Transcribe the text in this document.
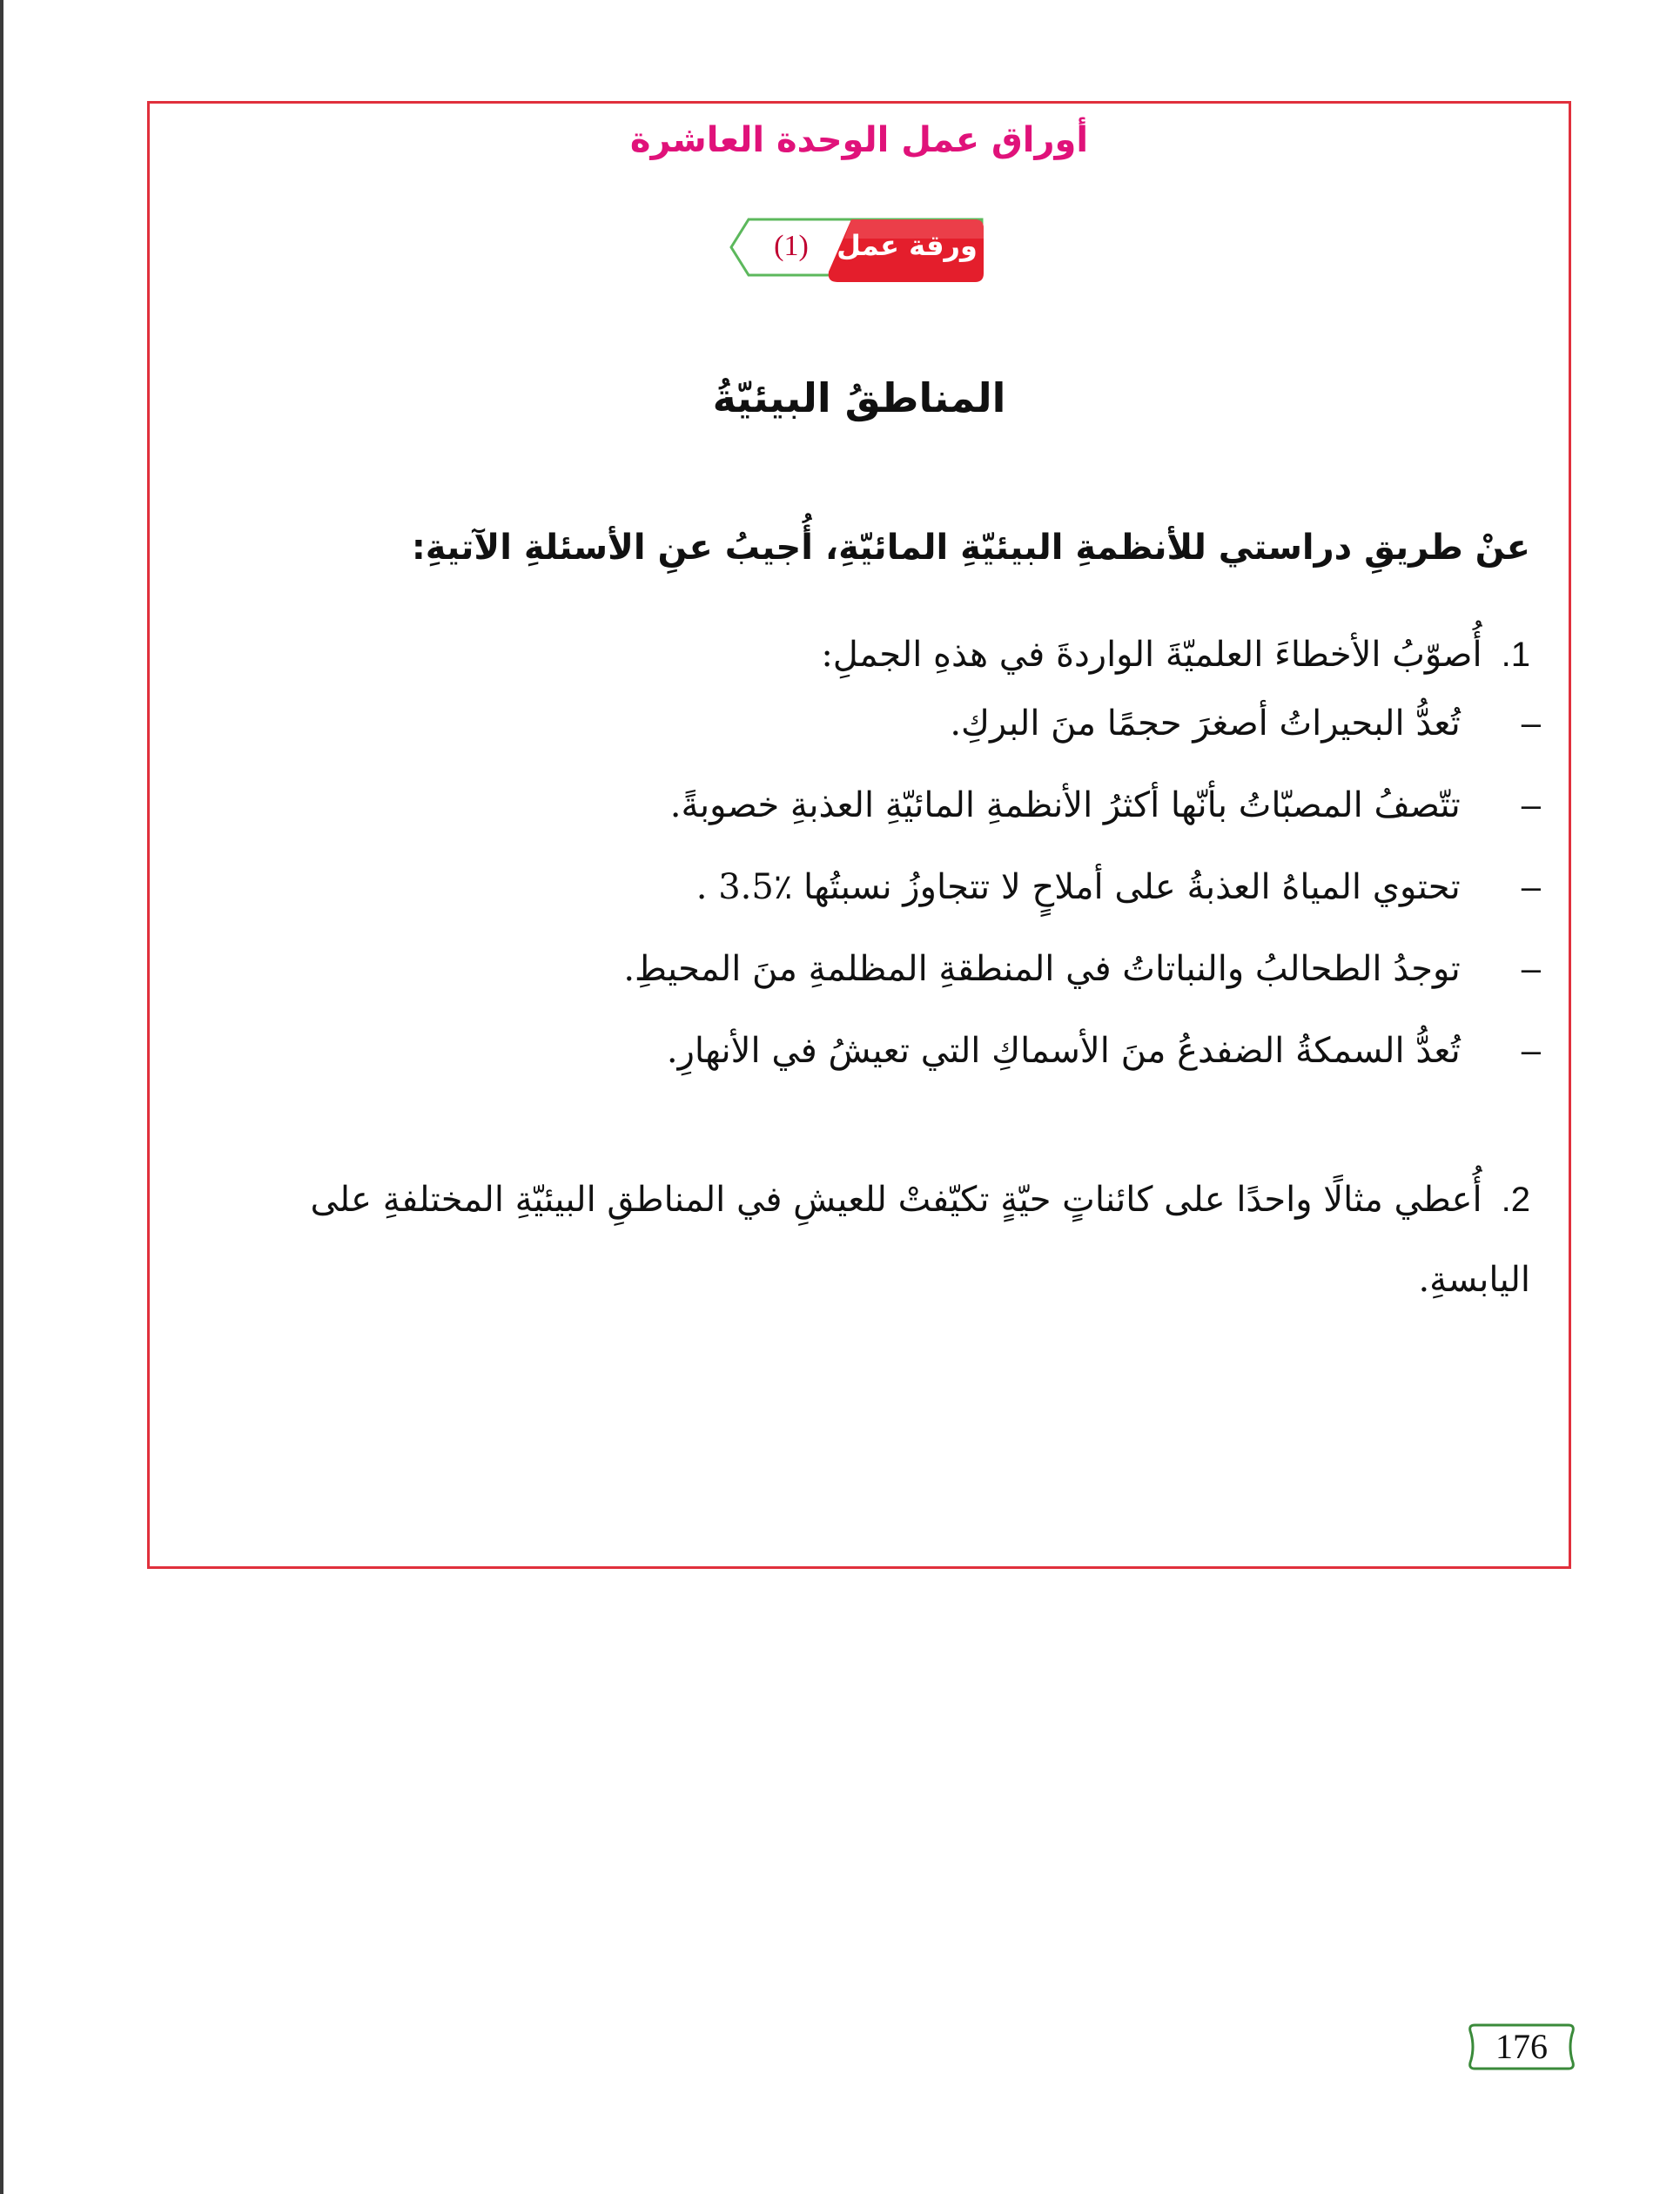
أوراق عمل الوحدة العاشرة
(1)	ورقة عمل
المناطقُ البيئيّةُ
عنْ طريقِ دراستي للأنظمةِ البيئيّةِ المائيّةِ، أُجيبُ عنِ الأسئلةِ الآتيةِ:
.1أُصوّبُ الأخطاءَ العلميّةَ الواردةَ في هذهِ الجملِ:
–تُعدُّ البحيراتُ أصغرَ حجمًا منَ البركِ.
–تتّصفُ المصبّاتُ بأنّها أكثرُ الأنظمةِ المائيّةِ العذبةِ خصوبةً.
–تحتوي المياهُ العذبةُ على أملاحٍ لا تتجاوزُ نسبتُها ٪3.5 .
–توجدُ الطحالبُ والنباتاتُ في المنطقةِ المظلمةِ منَ المحيطِ.
–تُعدُّ السمكةُ الضفدعُ منَ الأسماكِ التي تعيشُ في الأنهارِ.
.2أُعطي مثالًا واحدًا على كائناتٍ حيّةٍ تكيّفتْ للعيشِ في المناطقِ البيئيّةِ المختلفةِ على اليابسةِ.
176
